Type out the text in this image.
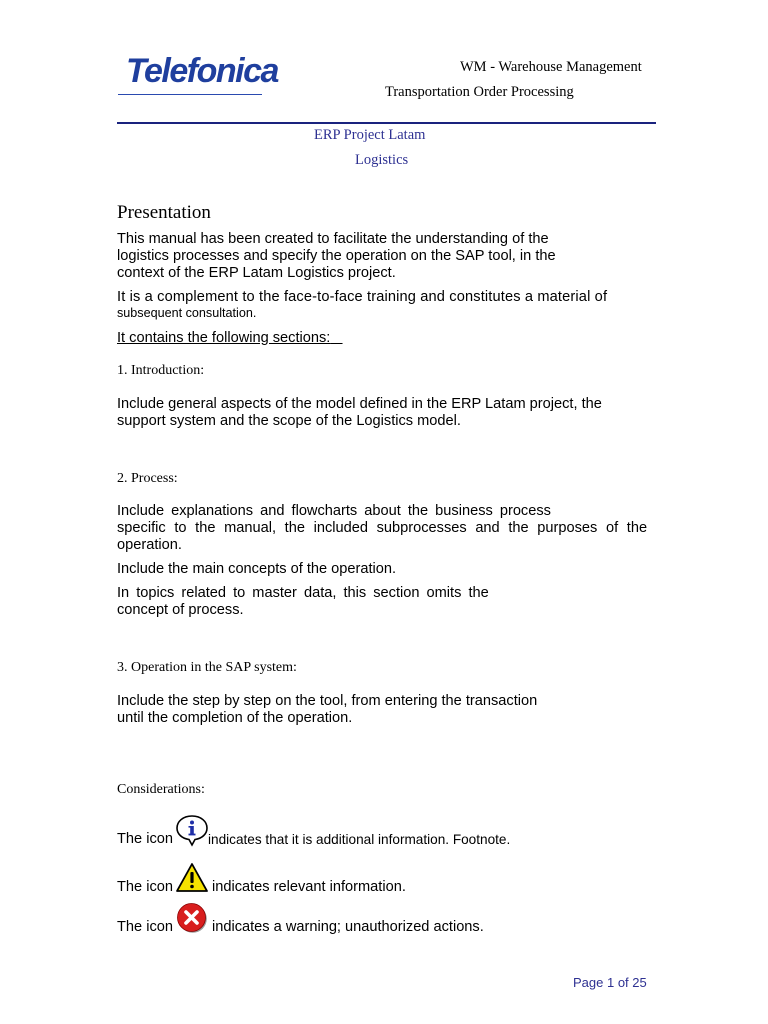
Telefonica	WM - Warehouse Management
Transportation Order Processing
ERP Project Latam
Logistics
Presentation
This manual has been created to facilitate the understanding of the
logistics processes and specify the operation on the SAP tool, in the
context of the ERP Latam Logistics project.
It is a complement to the face-to-face training and constitutes a material of
subsequent consultation.
It contains the following sections:
1. Introduction:
Include general aspects of the model defined in the ERP Latam project, the
support system and the scope of the Logistics model.
2. Process:
Include explanations and flowcharts about the business process
specific to the manual, the included subprocesses and the purposes of the
operation.
Include the main concepts of the operation.
In topics related to master data, this section omits the
concept of process.
3. Operation in the SAP system:
Include the step by step on the tool, from entering the transaction
until the completion of the operation.
Considerations:
The icon	indicates that it is additional information. Footnote.
The icon	indicates relevant information.
The icon	indicates a warning; unauthorized actions.
Page 1 of 25
